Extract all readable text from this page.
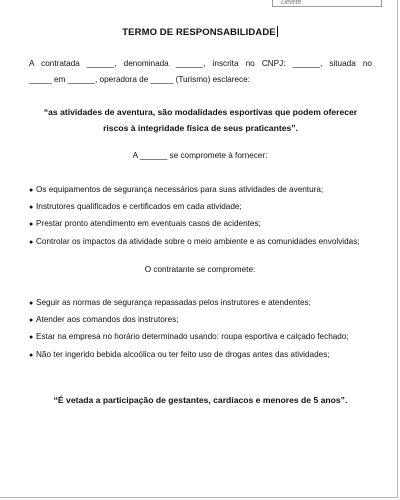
Delete
TERMO DE RESPONSABILIDADE
A contratada ______, denominada ______, inscrita no CNPJ: ______, situada no
_____ em ______, operadora de _____ (Turismo) esclarece:
“as atividades de aventura, são modalidades esportivas que podem oferecer
riscos à integridade física de seus praticantes”.
A ______ se compromete à fornecer:
● Os equipamentos de segurança necessários para suas atividades de aventura;
● Instrutores qualificados e certificados em cada atividade;
● Prestar pronto atendimento em eventuais casos de acidentes;
● Controlar os impactos da atividade sobre o meio ambiente e as comunidades envolvidas;
O contratante se compromete:
● Seguir as normas de segurança repassadas pelos instrutores e atendentes;
● Atender aos comandos dos instrutores;
● Estar na empresa no horário determinado usando: roupa esportiva e calçado fechado;
● Não ter ingerido bebida alcoólica ou ter feito uso de drogas antes das atividades;
“É vetada a participação de gestantes, cardíacos e menores de 5 anos”.
